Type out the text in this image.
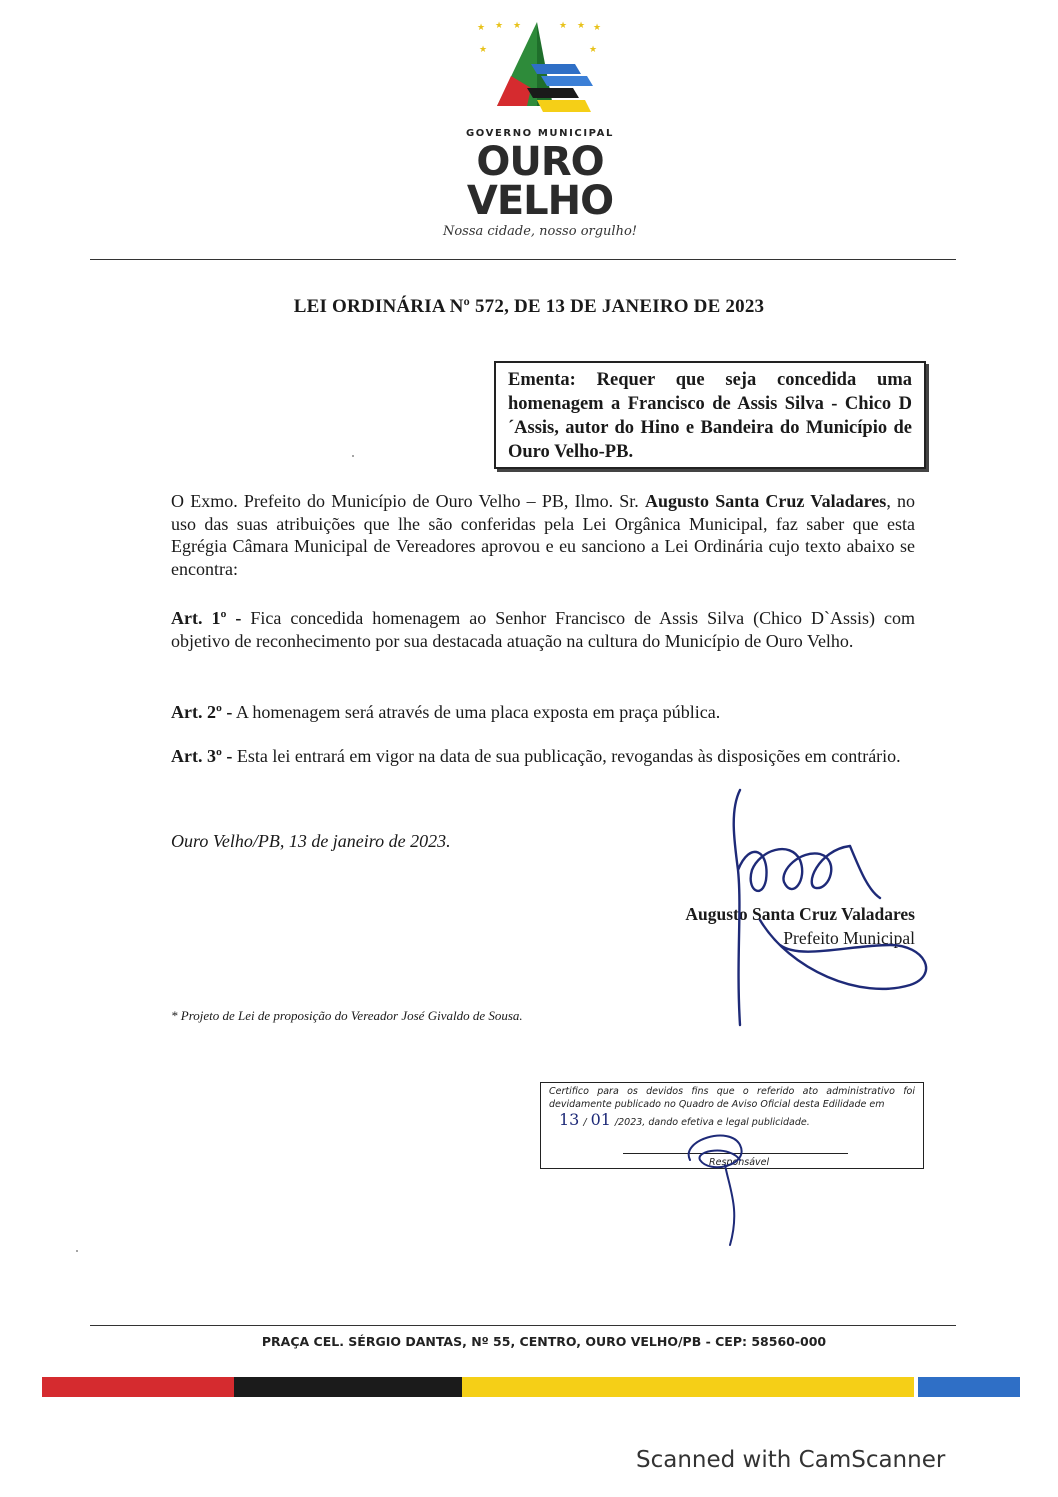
★ ★ ★	★ ★ ★
★	★
GOVERNO MUNICIPAL
OURO
VELHO
Nossa cidade, nosso orgulho!
LEI ORDINÁRIA Nº 572, DE 13 DE JANEIRO DE 2023
Ementa: Requer que seja concedida uma homenagem a Francisco de Assis Silva - Chico D´Assis, autor do Hino e Bandeira do Município de Ouro Velho-PB.
O Exmo. Prefeito do Município de Ouro Velho – PB, Ilmo. Sr. Augusto Santa Cruz Valadares, no uso das suas atribuições que lhe são conferidas pela Lei Orgânica Municipal, faz saber que esta Egrégia Câmara Municipal de Vereadores aprovou e eu sanciono a Lei Ordinária cujo texto abaixo se encontra:
Art. 1º - Fica concedida homenagem ao Senhor Francisco de Assis Silva (Chico D`Assis) com objetivo de reconhecimento por sua destacada atuação na cultura do Município de Ouro Velho.
Art. 2º - A homenagem será através de uma placa exposta em praça pública.
Art. 3º - Esta lei entrará em vigor na data de sua publicação, revogandas às disposições em contrário.
Ouro Velho/PB, 13 de janeiro de 2023.
Augusto Santa Cruz Valadares
Prefeito Municipal
* Projeto de Lei de proposição do Vereador José Givaldo de Sousa.
Certifico para os devidos fins que o referido ato administrativo foi devidamente publicado no Quadro de Aviso Oficial desta Edilidade em
13 / 01 /2023, dando efetiva e legal publicidade.
Responsável
PRAÇA CEL. SÉRGIO DANTAS, Nº 55, CENTRO, OURO VELHO/PB - CEP: 58560-000
Scanned with CamScanner
